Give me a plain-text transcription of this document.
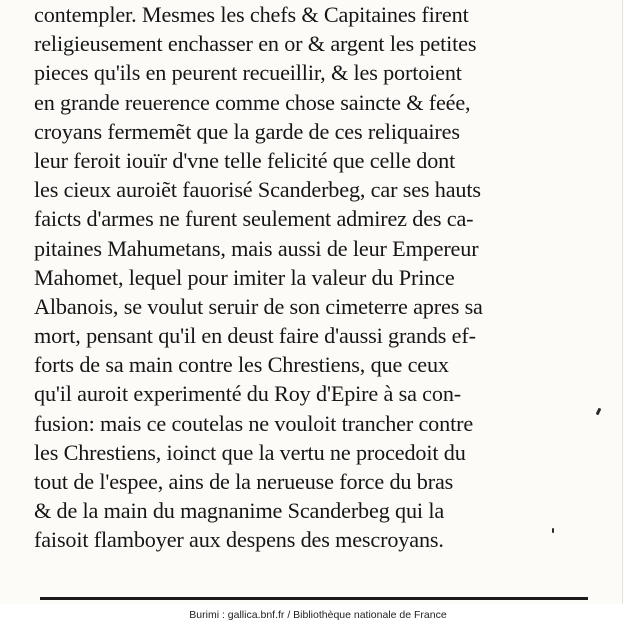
contempler. Mesmes les chefs & Capitaines firent
religieusement enchasser en or & argent les petites
pieces qu'ils en peurent recueillir, & les portoient
en grande reuerence comme chose saincte & feée,
croyans fermemẽt que la garde de ces reliquaires
leur feroit iouïr d'vne telle felicité que celle dont
les cieux auroiẽt fauorisé Scanderbeg, car ses hauts
faicts d'armes ne furent seulement admirez des ca-
pitaines Mahumetans, mais aussi de leur Empereur
Mahomet, lequel pour imiter la valeur du Prince
Albanois, se voulut seruir de son cimeterre apres sa
mort, pensant qu'il en deust faire d'aussi grands ef-
forts de sa main contre les Chrestiens, que ceux
qu'il auroit experimenté du Roy d'Epire à sa con-
fusion: mais ce coutelas ne vouloit trancher contre
les Chrestiens, ioinct que la vertu ne procedoit du
tout de l'espee, ains de la nerueuse force du bras
& de la main du magnanime Scanderbeg qui la
faisoit flamboyer aux despens des mescroyans.
Burimi : gallica.bnf.fr / Bibliothèque nationale de France
